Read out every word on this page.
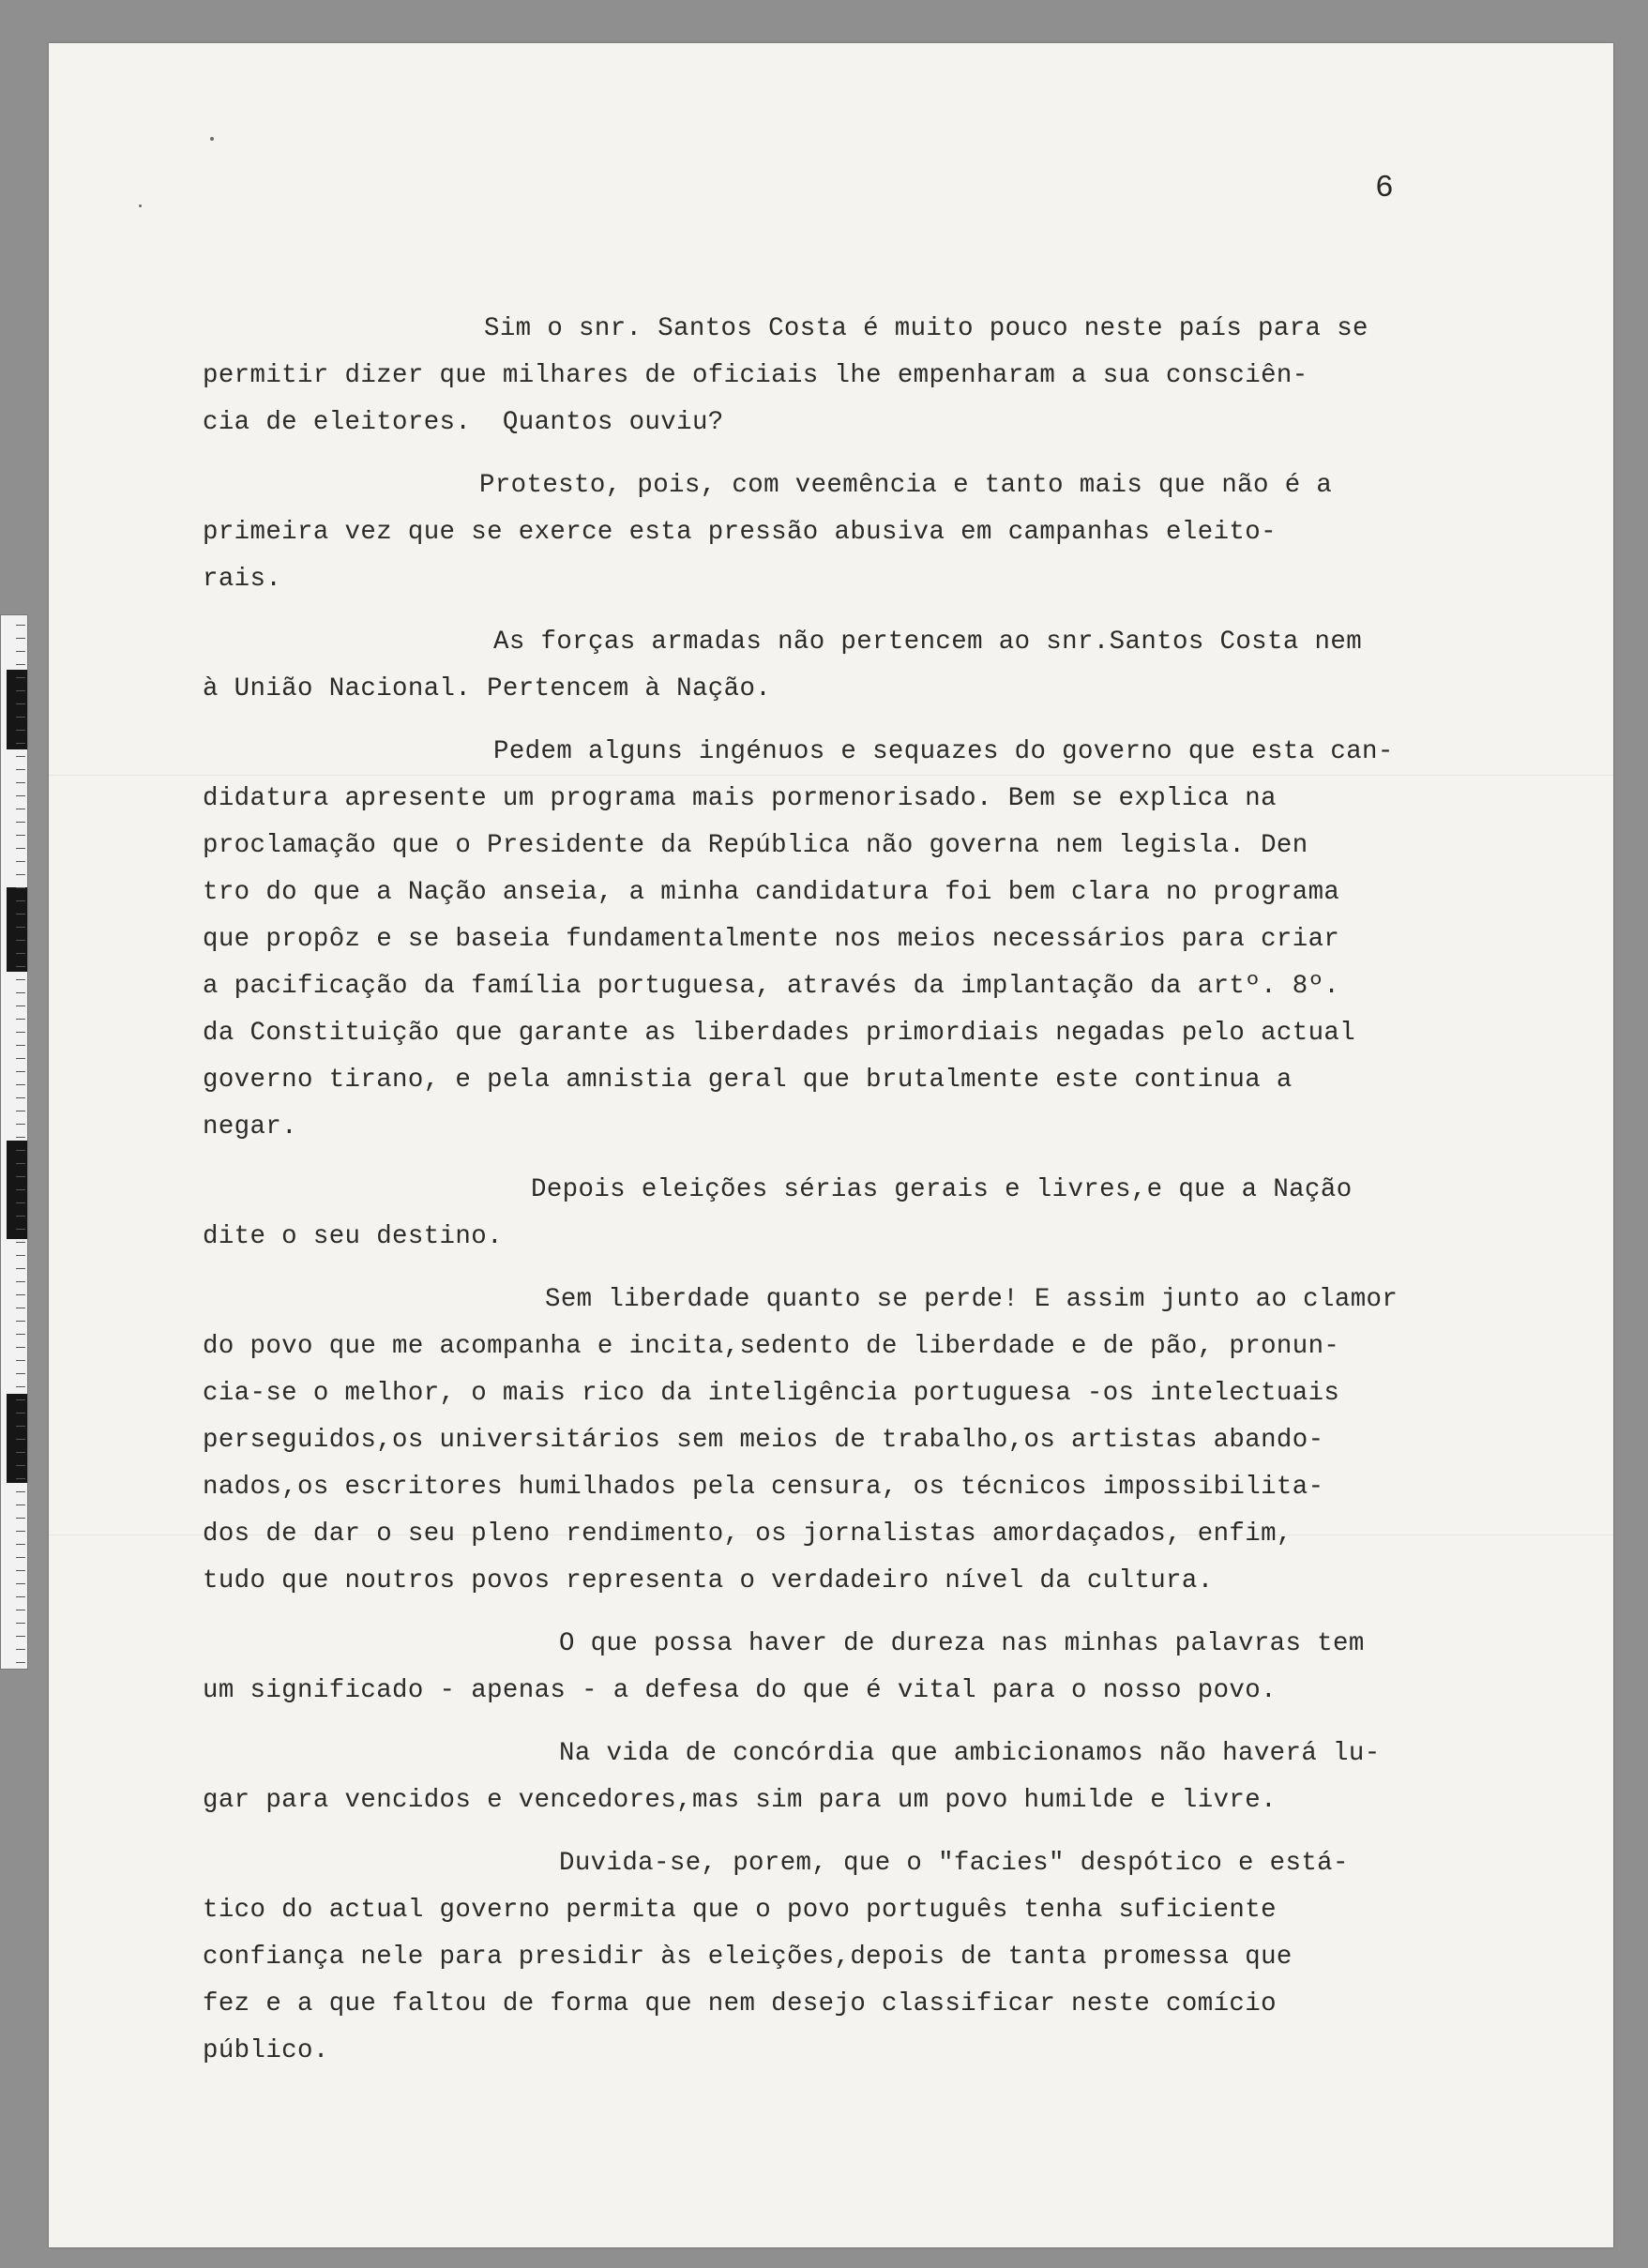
6

Sim o snr. Santos Costa é muito pouco neste país para se
permitir dizer que milhares de oficiais lhe empenharam a sua consciên-
cia de eleitores.  Quantos ouviu?
Protesto, pois, com veemência e tanto mais que não é a
primeira vez que se exerce esta pressão abusiva em campanhas eleito-
rais.
As forças armadas não pertencem ao snr.Santos Costa nem
à União Nacional. Pertencem à Nação.
Pedem alguns ingénuos e sequazes do governo que esta can-
didatura apresente um programa mais pormenorisado. Bem se explica na
proclamação que o Presidente da República não governa nem legisla. Den
tro do que a Nação anseia, a minha candidatura foi bem clara no programa
que propôz e se baseia fundamentalmente nos meios necessários para criar
a pacificação da família portuguesa, através da implantação da artº. 8º.
da Constituição que garante as liberdades primordiais negadas pelo actual
governo tirano, e pela amnistia geral que brutalmente este continua a
negar.
Depois eleições sérias gerais e livres,e que a Nação
dite o seu destino.
Sem liberdade quanto se perde! E assim junto ao clamor
do povo que me acompanha e incita,sedento de liberdade e de pão, pronun-
cia-se o melhor, o mais rico da inteligência portuguesa -os intelectuais
perseguidos,os universitários sem meios de trabalho,os artistas abando-
nados,os escritores humilhados pela censura, os técnicos impossibilita-
dos de dar o seu pleno rendimento, os jornalistas amordaçados, enfim,
tudo que noutros povos representa o verdadeiro nível da cultura.
O que possa haver de dureza nas minhas palavras tem
um significado - apenas - a defesa do que é vital para o nosso povo.
Na vida de concórdia que ambicionamos não haverá lu-
gar para vencidos e vencedores,mas sim para um povo humilde e livre.
Duvida-se, porem, que o "facies" despótico e está-
tico do actual governo permita que o povo português tenha suficiente
confiança nele para presidir às eleições,depois de tanta promessa que
fez e a que faltou de forma que nem desejo classificar neste comício
público.
